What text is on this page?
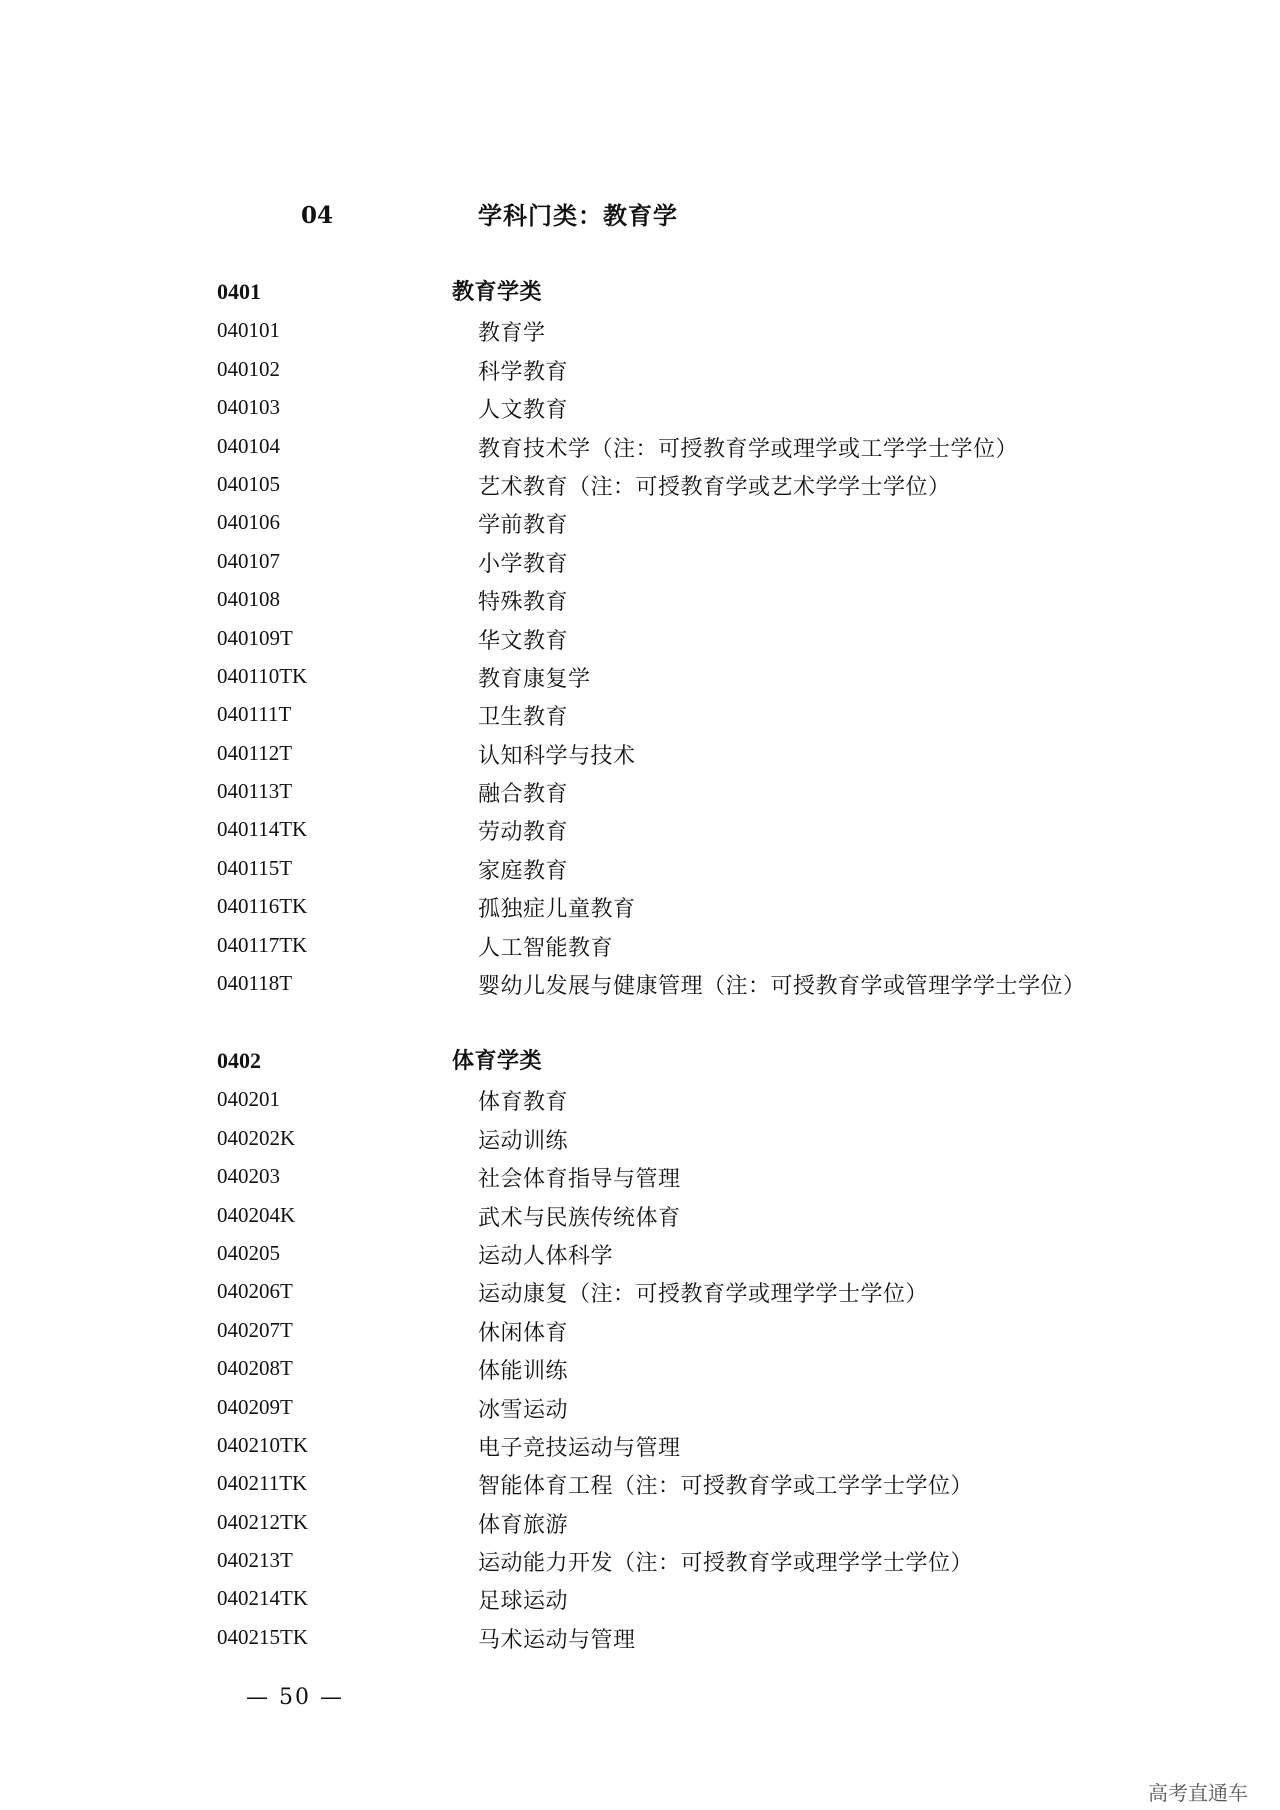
04	学科门类：教育学
0401	教育学类
040101	教育学
040102	科学教育
040103	人文教育
040104	教育技术学（注：可授教育学或理学或工学学士学位）
040105	艺术教育（注：可授教育学或艺术学学士学位）
040106	学前教育
040107	小学教育
040108	特殊教育
040109T	华文教育
040110TK	教育康复学
040111T	卫生教育
040112T	认知科学与技术
040113T	融合教育
040114TK	劳动教育
040115T	家庭教育
040116TK	孤独症儿童教育
040117TK	人工智能教育
040118T	婴幼儿发展与健康管理（注：可授教育学或管理学学士学位）
0402	体育学类
040201	体育教育
040202K	运动训练
040203	社会体育指导与管理
040204K	武术与民族传统体育
040205	运动人体科学
040206T	运动康复（注：可授教育学或理学学士学位）
040207T	休闲体育
040208T	体能训练
040209T	冰雪运动
040210TK	电子竞技运动与管理
040211TK	智能体育工程（注：可授教育学或工学学士学位）
040212TK	体育旅游
040213T	运动能力开发（注：可授教育学或理学学士学位）
040214TK	足球运动
040215TK	马术运动与管理
— 50 —
高考直通车
